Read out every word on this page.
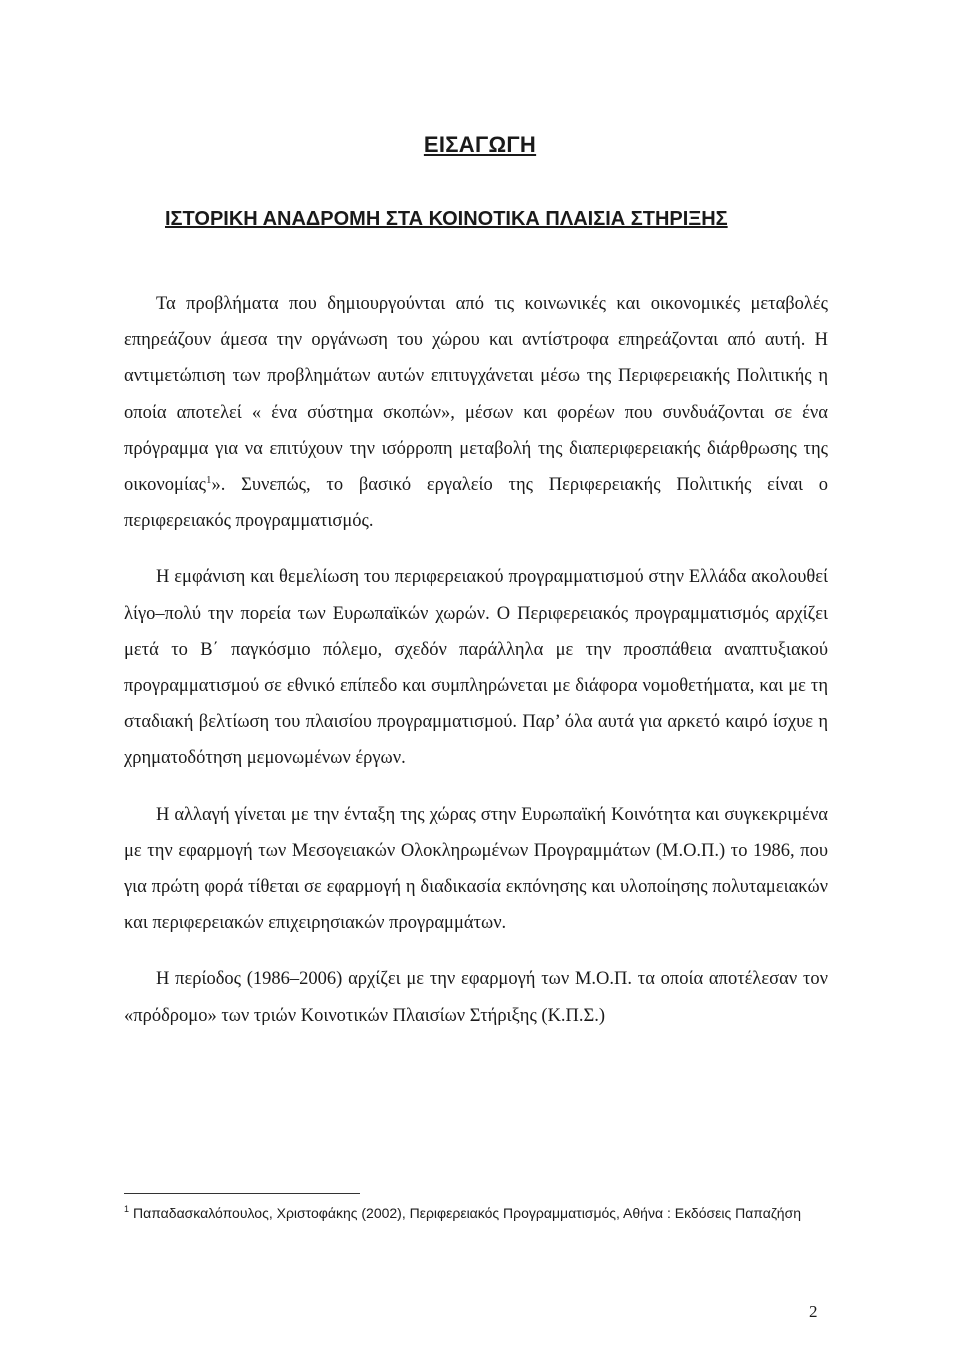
ΕΙΣΑΓΩΓΗ
ΙΣΤΟΡΙΚΗ ΑΝΑΔΡΟΜΗ ΣΤΑ ΚΟΙΝΟΤΙΚΑ ΠΛΑΙΣΙΑ ΣΤΗΡΙΞΗΣ

Τα προβλήματα που δημιουργούνται από τις κοινωνικές και οικονομικές μεταβολές επηρεάζουν άμεσα την οργάνωση του χώρου και αντίστροφα επηρεάζονται από αυτή. Η αντιμετώπιση των προβλημάτων αυτών επιτυγχάνεται μέσω της Περιφερειακής Πολιτικής η οποία αποτελεί « ένα σύστημα σκοπών», μέσων και φορέων που συνδυάζονται σε ένα πρόγραμμα για να επιτύχουν την ισόρροπη μεταβολή της διαπεριφερειακής διάρθρωσης της οικονομίας$^1$». Συνεπώς, το βασικό εργαλείο της Περιφερειακής Πολιτικής είναι ο περιφερειακός προγραμματισμός.

Η εμφάνιση και θεμελίωση του περιφερειακού προγραμματισμού στην Ελλάδα ακολουθεί λίγο–πολύ την πορεία των Ευρωπαϊκών χωρών. Ο Περιφερειακός προγραμματισμός αρχίζει μετά το Β΄ παγκόσμιο πόλεμο, σχεδόν παράλληλα με την προσπάθεια αναπτυξιακού προγραμματισμού σε εθνικό επίπεδο και συμπληρώνεται με διάφορα νομοθετήματα, και με τη σταδιακή βελτίωση του πλαισίου προγραμματισμού. Παρ’ όλα αυτά για αρκετό καιρό ίσχυε η χρηματοδότηση μεμονωμένων έργων.

Η αλλαγή γίνεται με την ένταξη της χώρας στην Ευρωπαϊκή Κοινότητα και συγκεκριμένα με την εφαρμογή των Μεσογειακών Ολοκληρωμένων Προγραμμάτων (Μ.Ο.Π.) το 1986, που για πρώτη φορά τίθεται σε εφαρμογή η διαδικασία εκπόνησης και υλοποίησης πολυταμειακών και περιφερειακών επιχειρησιακών προγραμμάτων.

Η περίοδος (1986–2006) αρχίζει με την εφαρμογή των Μ.Ο.Π. τα οποία αποτέλεσαν τον «πρόδρομο» των τριών Κοινοτικών Πλαισίων Στήριξης (Κ.Π.Σ.)

$^1$ Παπαδασκαλόπουλος, Χριστοφάκης (2002), Περιφερειακός Προγραμματισμός, Αθήνα : Εκδόσεις Παπαζήση
2
